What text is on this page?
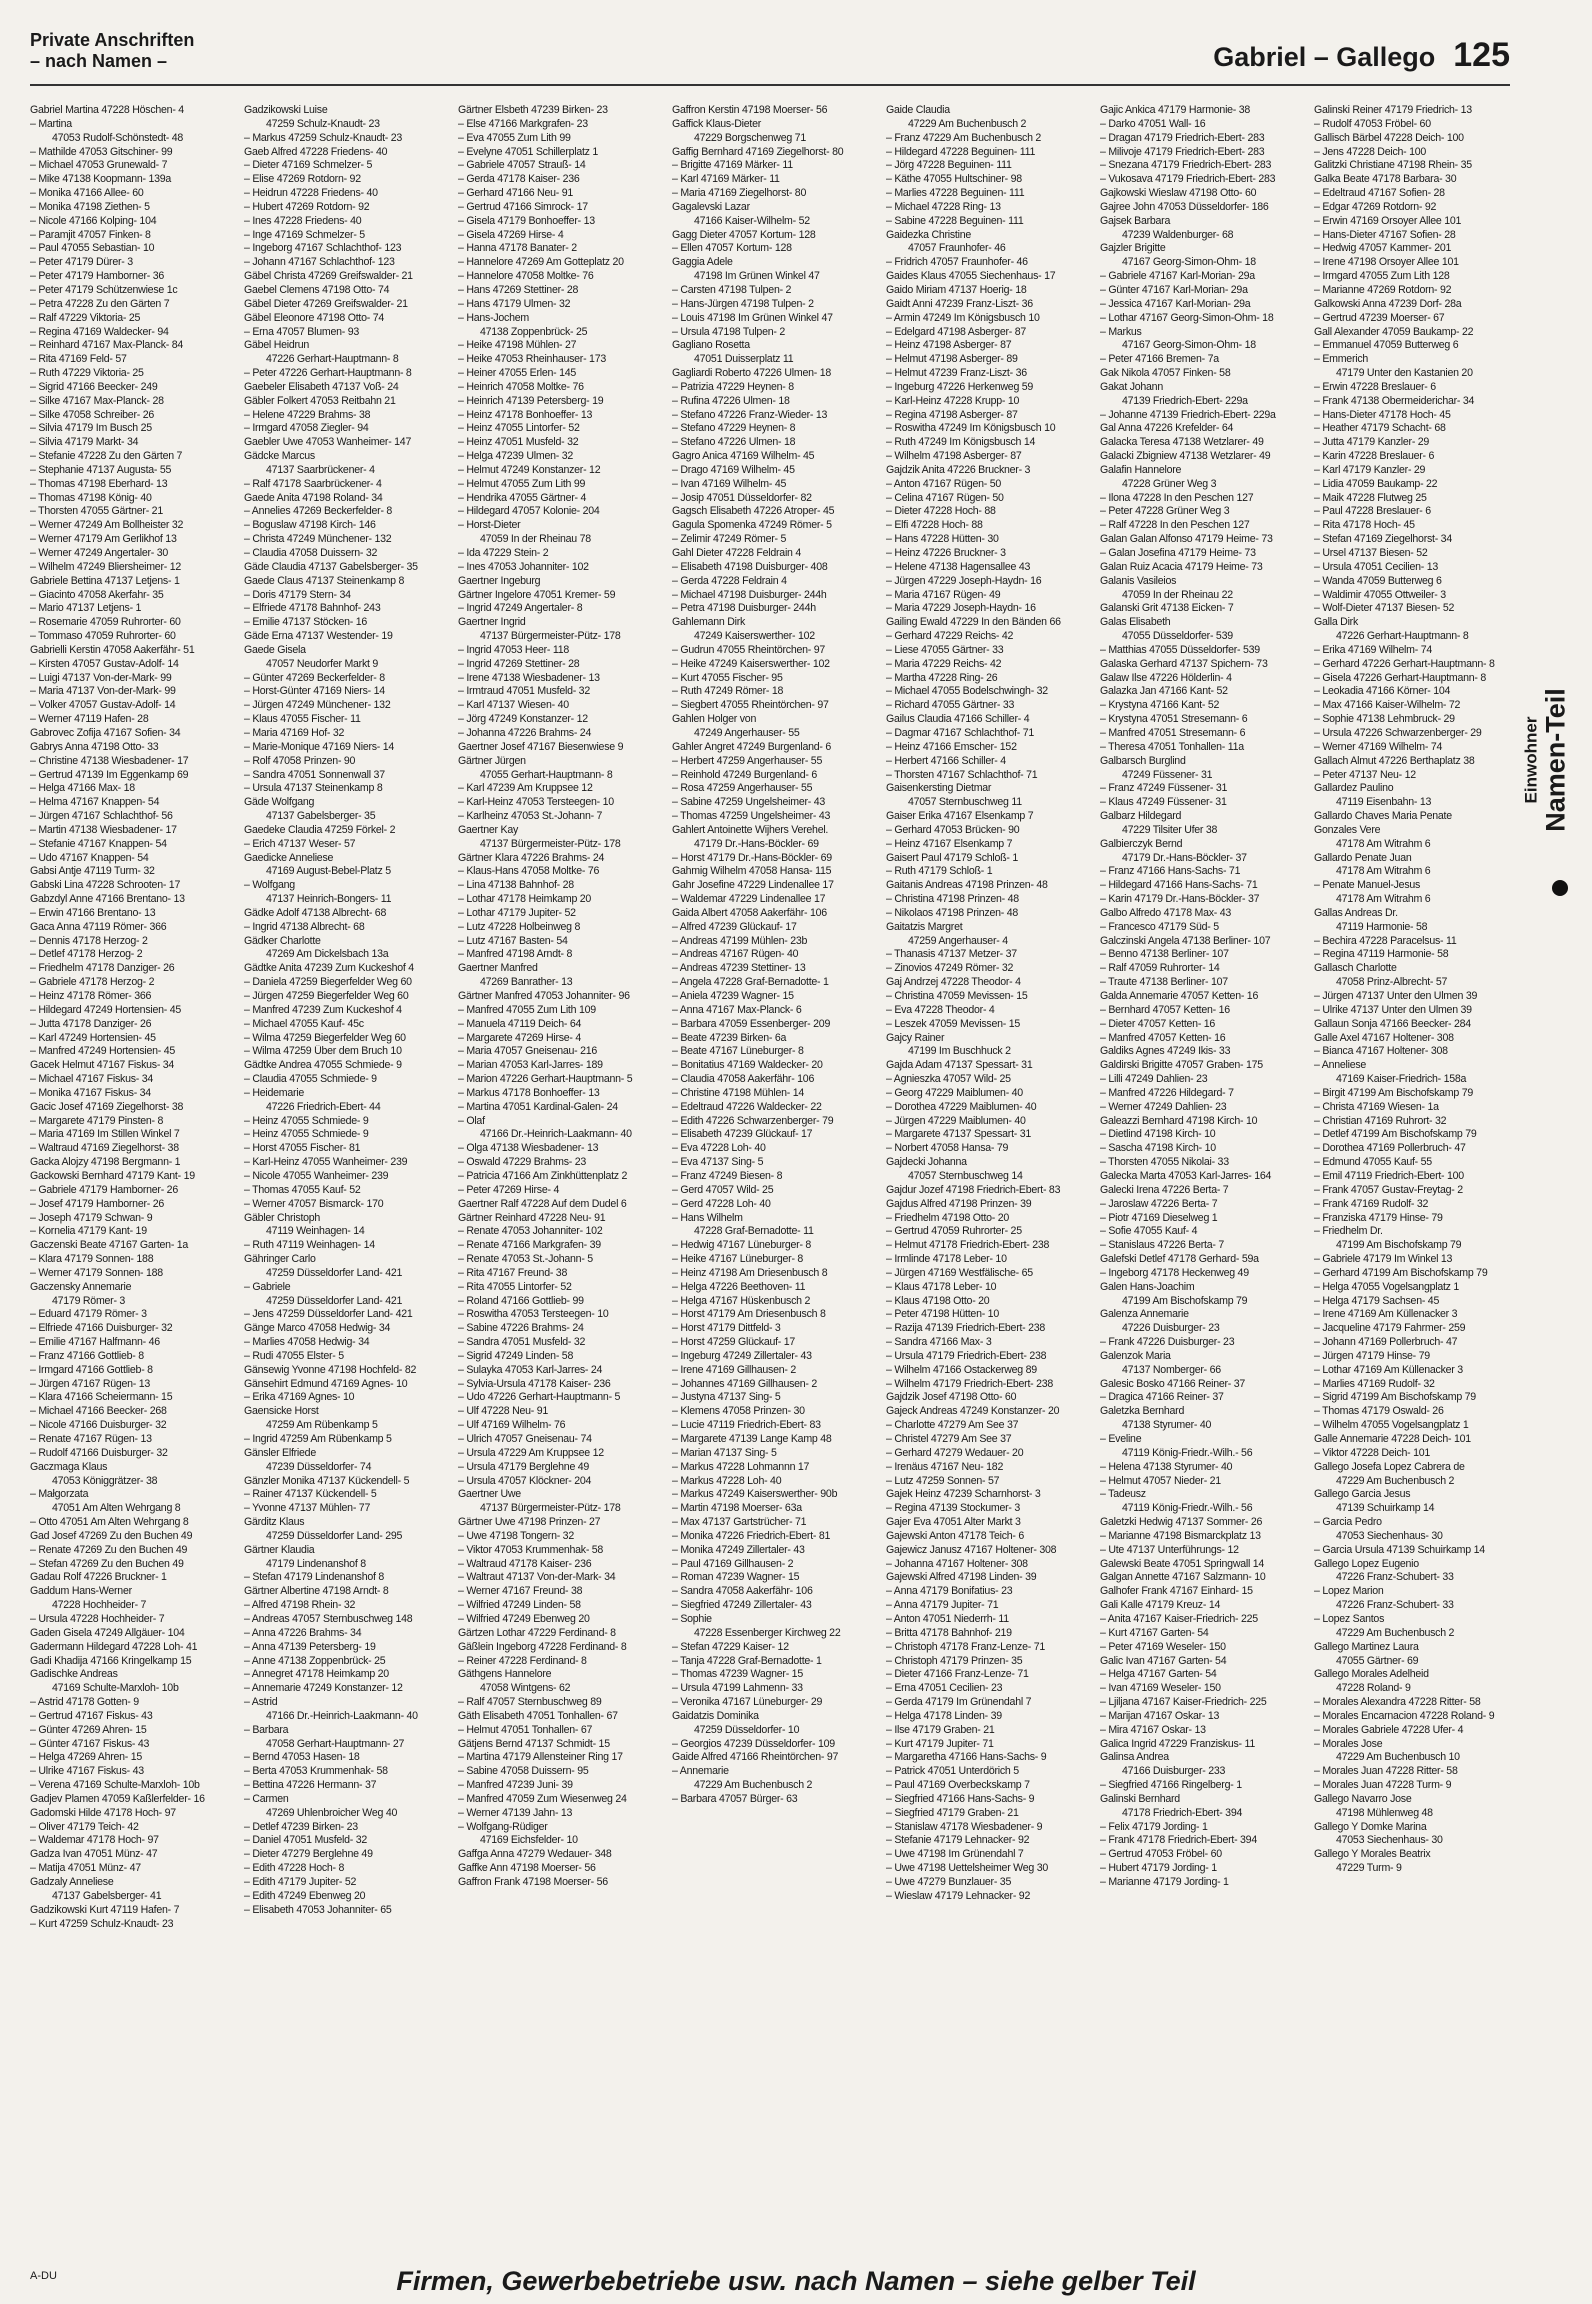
Private Anschriften
– nach Namen –	Gabriel – Gallego 125
Gabriel Martina 47228 Höschen- 4
– Martina
47053 Rudolf-Schönstedt- 48
– Mathilde 47053 Gitschiner- 99
– Michael 47053 Grunewald- 7
– Mike 47138 Koopmann- 139a
– Monika 47166 Allee- 60
– Monika 47198 Ziethen- 5
– Nicole 47166 Kolping- 104
– Paramjit 47057 Finken- 8
– Paul 47055 Sebastian- 10
– Peter 47179 Dürer- 3
– Peter 47179 Hamborner- 36
– Peter 47179 Schützenwiese 1c
– Petra 47228 Zu den Gärten 7
– Ralf 47229 Viktoria- 25
– Regina 47169 Waldecker- 94
– Reinhard 47167 Max-Planck- 84
– Rita 47169 Feld- 57
– Ruth 47229 Viktoria- 25
– Sigrid 47166 Beecker- 249
– Silke 47167 Max-Planck- 28
– Silke 47058 Schreiber- 26
– Silvia 47179 Im Busch 25
– Silvia 47179 Markt- 34
– Stefanie 47228 Zu den Gärten 7
– Stephanie 47137 Augusta- 55
– Thomas 47198 Eberhard- 13
– Thomas 47198 König- 40
– Thorsten 47055 Gärtner- 21
– Werner 47249 Am Bollheister 32
– Werner 47179 Am Gerlikhof 13
– Werner 47249 Angertaler- 30
– Wilhelm 47249 Bliersheimer- 12
Gabriele Bettina 47137 Letjens- 1
– Giacinto 47058 Akerfahr- 35
– Mario 47137 Letjens- 1
– Rosemarie 47059 Ruhrorter- 60
– Tommaso 47059 Ruhrorter- 60
Gabrielli Kerstin 47058 Aakerfähr- 51
– Kirsten 47057 Gustav-Adolf- 14
– Luigi 47137 Von-der-Mark- 99
– Maria 47137 Von-der-Mark- 99
– Volker 47057 Gustav-Adolf- 14
– Werner 47119 Hafen- 28
Gabrovec Zofija 47167 Sofien- 34
Gabrys Anna 47198 Otto- 33
– Christine 47138 Wiesbadener- 17
– Gertrud 47139 Im Eggenkamp 69
– Helga 47166 Max- 18
– Helma 47167 Knappen- 54
– Jürgen 47167 Schlachthof- 56
– Martin 47138 Wiesbadener- 17
– Stefanie 47167 Knappen- 54
– Udo 47167 Knappen- 54
Gabsi Antje 47119 Turm- 32
Gabski Lina 47228 Schrooten- 17
Gabzdyl Anne 47166 Brentano- 13
– Erwin 47166 Brentano- 13
Gaca Anna 47119 Römer- 366
– Dennis 47178 Herzog- 2
– Detlef 47178 Herzog- 2
– Friedhelm 47178 Danziger- 26
– Gabriele 47178 Herzog- 2
– Heinz 47178 Römer- 366
– Hildegard 47249 Hortensien- 45
– Jutta 47178 Danziger- 26
– Karl 47249 Hortensien- 45
– Manfred 47249 Hortensien- 45
Gacek Helmut 47167 Fiskus- 34
– Michael 47167 Fiskus- 34
– Monika 47167 Fiskus- 34
Gacic Josef 47169 Ziegelhorst- 38
– Margarete 47179 Pinsten- 8
– Maria 47169 Im Stillen Winkel 7
– Waltraud 47169 Ziegelhorst- 38
Gacka Alojzy 47198 Bergmann- 1
Gackowski Bernhard 47179 Kant- 19
– Gabriele 47179 Hamborner- 26
– Josef 47179 Hamborner- 26
– Joseph 47179 Schwan- 9
– Kornelia 47179 Kant- 19
Gaczenski Beate 47167 Garten- 1a
– Klara 47179 Sonnen- 188
– Werner 47179 Sonnen- 188
Gaczensky Annemarie
47179 Römer- 3
– Eduard 47179 Römer- 3
– Elfriede 47166 Duisburger- 32
– Emilie 47167 Halfmann- 46
– Franz 47166 Gottlieb- 8
– Irmgard 47166 Gottlieb- 8
– Jürgen 47167 Rügen- 13
– Klara 47166 Scheiermann- 15
– Michael 47166 Beecker- 268
– Nicole 47166 Duisburger- 32
– Renate 47167 Rügen- 13
– Rudolf 47166 Duisburger- 32
Gaczmaga Klaus
47053 Königgrätzer- 38
– Małgorzata
47051 Am Alten Wehrgang 8
– Otto 47051 Am Alten Wehrgang 8
Gad Josef 47269 Zu den Buchen 49
– Renate 47269 Zu den Buchen 49
– Stefan 47269 Zu den Buchen 49
Gadau Rolf 47226 Bruckner- 1
Gaddum Hans-Werner
47228 Hochheider- 7
– Ursula 47228 Hochheider- 7
Gaden Gisela 47249 Allgäuer- 104
Gadermann Hildegard 47228 Loh- 41
Gadi Khadija 47166 Kringelkamp 15
Gadischke Andreas
47169 Schulte-Marxloh- 10b
– Astrid 47178 Gotten- 9
– Gertrud 47167 Fiskus- 43
– Günter 47269 Ahren- 15
– Günter 47167 Fiskus- 43
– Helga 47269 Ahren- 15
– Ulrike 47167 Fiskus- 43
– Verena 47169 Schulte-Marxloh- 10b
Gadjev Plamen 47059 Kaßlerfelder- 16
Gadomski Hilde 47178 Hoch- 97
– Oliver 47179 Teich- 42
– Waldemar 47178 Hoch- 97
Gadza Ivan 47051 Münz- 47
– Matija 47051 Münz- 47
Gadzaly Anneliese
47137 Gabelsberger- 41
Gadzikowski Kurt 47119 Hafen- 7
– Kurt 47259 Schulz-Knaudt- 23
Gadzikowski Luise
47259 Schulz-Knaudt- 23
– Markus 47259 Schulz-Knaudt- 23
Gaeb Alfred 47228 Friedens- 40
– Dieter 47169 Schmelzer- 5
– Elise 47269 Rotdorn- 92
– Heidrun 47228 Friedens- 40
– Hubert 47269 Rotdorn- 92
– Ines 47228 Friedens- 40
– Inge 47169 Schmelzer- 5
– Ingeborg 47167 Schlachthof- 123
– Johann 47167 Schlachthof- 123
Gäbel Christa 47269 Greifswalder- 21
Gaebel Clemens 47198 Otto- 74
Gäbel Dieter 47269 Greifswalder- 21
Gäbel Eleonore 47198 Otto- 74
– Erna 47057 Blumen- 93
Gäbel Heidrun
47226 Gerhart-Hauptmann- 8
– Peter 47226 Gerhart-Hauptmann- 8
Gaebeler Elisabeth 47137 Voß- 24
Gäbler Folkert 47053 Reitbahn 21
– Helene 47229 Brahms- 38
– Irmgard 47058 Ziegler- 94
Gaebler Uwe 47053 Wanheimer- 147
Gädcke Marcus
47137 Saarbrückener- 4
– Ralf 47178 Saarbrückener- 4
Gaede Anita 47198 Roland- 34
– Annelies 47269 Beckerfelder- 8
– Boguslaw 47198 Kirch- 146
– Christa 47249 Münchener- 132
– Claudia 47058 Duissern- 32
Gäde Claudia 47137 Gabelsberger- 35
Gaede Claus 47137 Steinenkamp 8
– Doris 47179 Stern- 34
– Elfriede 47178 Bahnhof- 243
– Emilie 47137 Stöcken- 16
Gäde Erna 47137 Westender- 19
Gaede Gisela
47057 Neudorfer Markt 9
– Günter 47269 Beckerfelder- 8
– Horst-Günter 47169 Niers- 14
– Jürgen 47249 Münchener- 132
– Klaus 47055 Fischer- 11
– Maria 47169 Hof- 32
– Marie-Monique 47169 Niers- 14
– Rolf 47058 Prinzen- 90
– Sandra 47051 Sonnenwall 37
– Ursula 47137 Steinenkamp 8
Gäde Wolfgang
47137 Gabelsberger- 35
Gaedeke Claudia 47259 Förkel- 2
– Erich 47137 Weser- 57
Gaedicke Anneliese
47169 August-Bebel-Platz 5
– Wolfgang
47137 Heinrich-Bongers- 11
Gädke Adolf 47138 Albrecht- 68
– Ingrid 47138 Albrecht- 68
Gädker Charlotte
47269 Am Dickelsbach 13a
Gädtke Anita 47239 Zum Kuckeshof 4
– Daniela 47259 Biegerfelder Weg 60
– Jürgen 47259 Biegerfelder Weg 60
– Manfred 47239 Zum Kuckeshof 4
– Michael 47055 Kauf- 45c
– Wilma 47259 Biegerfelder Weg 60
– Wilma 47259 Über dem Bruch 10
Gädtke Andrea 47055 Schmiede- 9
– Claudia 47055 Schmiede- 9
– Heidemarie
47226 Friedrich-Ebert- 44
– Heinz 47055 Schmiede- 9
– Heinz 47055 Schmiede- 9
– Horst 47055 Fischer- 81
– Karl-Heinz 47055 Wanheimer- 239
– Nicole 47055 Wanheimer- 239
– Thomas 47055 Kauf- 52
– Werner 47057 Bismarck- 170
Gäbler Christoph
47119 Weinhagen- 14
– Ruth 47119 Weinhagen- 14
Gähringer Carlo
47259 Düsseldorfer Land- 421
– Gabriele
47259 Düsseldorfer Land- 421
– Jens 47259 Düsseldorfer Land- 421
Gänge Marco 47058 Hedwig- 34
– Marlies 47058 Hedwig- 34
– Rudi 47055 Elster- 5
Gänsewig Yvonne 47198 Hochfeld- 82
Gänsehirt Edmund 47169 Agnes- 10
– Erika 47169 Agnes- 10
Gaensicke Horst
47259 Am Rübenkamp 5
– Ingrid 47259 Am Rübenkamp 5
Gänsler Elfriede
47239 Düsseldorfer- 74
Gänzler Monika 47137 Kückendell- 5
– Rainer 47137 Kückendell- 5
– Yvonne 47137 Mühlen- 77
Gärditz Klaus
47259 Düsseldorfer Land- 295
Gärtner Klaudia
47179 Lindenanshof 8
– Stefan 47179 Lindenanshof 8
Gärtner Albertine 47198 Arndt- 8
– Alfred 47198 Rhein- 32
– Andreas 47057 Sternbuschweg 148
– Anna 47226 Brahms- 34
– Anna 47139 Petersberg- 19
– Anne 47138 Zoppenbrück- 25
– Annegret 47178 Heimkamp 20
– Annemarie 47249 Konstanzer- 12
– Astrid
47166 Dr.-Heinrich-Laakmann- 40
– Barbara
47058 Gerhart-Hauptmann- 27
– Bernd 47053 Hasen- 18
– Berta 47053 Krummenhak- 58
– Bettina 47226 Hermann- 37
– Carmen
47269 Uhlenbroicher Weg 40
– Detlef 47239 Birken- 23
– Daniel 47051 Musfeld- 32
– Dieter 47279 Berglehne 49
– Edith 47228 Hoch- 8
– Edith 47179 Jupiter- 52
– Edith 47249 Ebenweg 20
– Elisabeth 47053 Johanniter- 65
Gärtner Elsbeth 47239 Birken- 23
– Else 47166 Markgrafen- 23
– Eva 47055 Zum Lith 99
– Evelyne 47051 Schillerplatz 1
– Gabriele 47057 Strauß- 14
– Gerda 47178 Kaiser- 236
– Gerhard 47166 Neu- 91
– Gertrud 47166 Simrock- 17
– Gisela 47179 Bonhoeffer- 13
– Gisela 47269 Hirse- 4
– Hanna 47178 Banater- 2
– Hannelore 47269 Am Gotteplatz 20
– Hannelore 47058 Moltke- 76
– Hans 47269 Stettiner- 28
– Hans 47179 Ulmen- 32
– Hans-Jochem
47138 Zoppenbrück- 25
– Heike 47198 Mühlen- 27
– Heike 47053 Rheinhauser- 173
– Heiner 47055 Erlen- 145
– Heinrich 47058 Moltke- 76
– Heinrich 47139 Petersberg- 19
– Heinz 47178 Bonhoeffer- 13
– Heinz 47055 Lintorfer- 52
– Heinz 47051 Musfeld- 32
– Helga 47239 Ulmen- 32
– Helmut 47249 Konstanzer- 12
– Helmut 47055 Zum Lith 99
– Hendrika 47055 Gärtner- 4
– Hildegard 47057 Kolonie- 204
– Horst-Dieter
47059 In der Rheinau 78
– Ida 47229 Stein- 2
– Ines 47053 Johanniter- 102
Gaertner Ingeburg
Gärtner Ingelore 47051 Kremer- 59
– Ingrid 47249 Angertaler- 8
Gaertner Ingrid
47137 Bürgermeister-Pütz- 178
– Ingrid 47053 Heer- 118
– Ingrid 47269 Stettiner- 28
– Irene 47138 Wiesbadener- 13
– Irmtraud 47051 Musfeld- 32
– Karl 47137 Wiesen- 40
– Jörg 47249 Konstanzer- 12
– Johanna 47226 Brahms- 24
Gaertner Josef 47167 Biesenwiese 9
Gärtner Jürgen
47055 Gerhart-Hauptmann- 8
– Karl 47239 Am Kruppsee 12
– Karl-Heinz 47053 Tersteegen- 10
– Karlheinz 47053 St.-Johann- 7
Gaertner Kay
47137 Bürgermeister-Pütz- 178
Gärtner Klara 47226 Brahms- 24
– Klaus-Hans 47058 Moltke- 76
– Lina 47138 Bahnhof- 28
– Lothar 47178 Heimkamp 20
– Lothar 47179 Jupiter- 52
– Lutz 47228 Holbeinweg 8
– Lutz 47167 Basten- 54
– Manfred 47198 Arndt- 8
Gaertner Manfred
47269 Banrather- 13
Gärtner Manfred 47053 Johanniter- 96
– Manfred 47055 Zum Lith 109
– Manuela 47119 Deich- 64
– Margarete 47269 Hirse- 4
– Maria 47057 Gneisenau- 216
– Marian 47053 Karl-Jarres- 189
– Marion 47226 Gerhart-Hauptmann- 5
– Markus 47178 Bonhoeffer- 13
– Martina 47051 Kardinal-Galen- 24
– Olaf
47166 Dr.-Heinrich-Laakmann- 40
– Olga 47138 Wiesbadener- 13
– Oswald 47229 Brahms- 23
– Patricia 47166 Am Zinkhüttenplatz 2
– Peter 47269 Hirse- 4
Gaertner Ralf 47228 Auf dem Dudel 6
Gärtner Reinhard 47228 Neu- 91
– Renate 47053 Johanniter- 102
– Renate 47166 Markgrafen- 39
– Renate 47053 St.-Johann- 5
– Rita 47167 Freund- 38
– Rita 47055 Lintorfer- 52
– Roland 47166 Gottlieb- 99
– Roswitha 47053 Tersteegen- 10
– Sabine 47226 Brahms- 24
– Sandra 47051 Musfeld- 32
– Sigrid 47249 Linden- 58
– Sulayka 47053 Karl-Jarres- 24
– Sylvia-Ursula 47178 Kaiser- 236
– Udo 47226 Gerhart-Hauptmann- 5
– Ulf 47228 Neu- 91
– Ulf 47169 Wilhelm- 76
– Ulrich 47057 Gneisenau- 74
– Ursula 47229 Am Kruppsee 12
– Ursula 47179 Berglehne 49
– Ursula 47057 Klöckner- 204
Gaertner Uwe
47137 Bürgermeister-Pütz- 178
Gärtner Uwe 47198 Prinzen- 27
– Uwe 47198 Tongern- 32
– Viktor 47053 Krummenhak- 58
– Waltraud 47178 Kaiser- 236
– Waltraut 47137 Von-der-Mark- 34
– Werner 47167 Freund- 38
– Wilfried 47249 Linden- 58
– Wilfried 47249 Ebenweg 20
Gärtzen Lothar 47229 Ferdinand- 8
Gäßlein Ingeborg 47228 Ferdinand- 8
– Reiner 47228 Ferdinand- 8
Gäthgens Hannelore
47058 Wintgens- 62
– Ralf 47057 Sternbuschweg 89
Gäth Elisabeth 47051 Tonhallen- 67
– Helmut 47051 Tonhallen- 67
Gätjens Bernd 47137 Schmidt- 15
– Martina 47179 Allensteiner Ring 17
– Sabine 47058 Duissern- 95
– Manfred 47239 Juni- 39
– Manfred 47059 Zum Wiesenweg 24
– Werner 47139 Jahn- 13
– Wolfgang-Rüdiger
47169 Eichsfelder- 10
Gaffga Anna 47279 Wedauer- 348
Gaffke Ann 47198 Moerser- 56
Gaffron Frank 47198 Moerser- 56
Gaffron Kerstin 47198 Moerser- 56
Gaffick Klaus-Dieter
47229 Borgschenweg 71
Gaffig Bernhard 47169 Ziegelhorst- 80
– Brigitte 47169 Märker- 11
– Karl 47169 Märker- 11
– Maria 47169 Ziegelhorst- 80
Gagalevski Lazar
47166 Kaiser-Wilhelm- 52
Gagg Dieter 47057 Kortum- 128
– Ellen 47057 Kortum- 128
Gaggia Adele
47198 Im Grünen Winkel 47
– Carsten 47198 Tulpen- 2
– Hans-Jürgen 47198 Tulpen- 2
– Louis 47198 Im Grünen Winkel 47
– Ursula 47198 Tulpen- 2
Gagliano Rosetta
47051 Duisserplatz 11
Gagliardi Roberto 47226 Ulmen- 18
– Patrizia 47229 Heynen- 8
– Rufina 47226 Ulmen- 18
– Stefano 47226 Franz-Wieder- 13
– Stefano 47229 Heynen- 8
– Stefano 47226 Ulmen- 18
Gagro Anica 47169 Wilhelm- 45
– Drago 47169 Wilhelm- 45
– Ivan 47169 Wilhelm- 45
– Josip 47051 Düsseldorfer- 82
Gagsch Elisabeth 47226 Atroper- 45
Gagula Spomenka 47249 Römer- 5
– Zelimir 47249 Römer- 5
Gahl Dieter 47228 Feldrain 4
– Elisabeth 47198 Duisburger- 408
– Gerda 47228 Feldrain 4
– Michael 47198 Duisburger- 244h
– Petra 47198 Duisburger- 244h
Gahlemann Dirk
47249 Kaiserswerther- 102
– Gudrun 47055 Rheintörchen- 97
– Heike 47249 Kaiserswerther- 102
– Kurt 47055 Fischer- 95
– Ruth 47249 Römer- 18
– Siegbert 47055 Rheintörchen- 97
Gahlen Holger von
47249 Angerhauser- 55
Gahler Angret 47249 Burgenland- 6
– Herbert 47259 Angerhauser- 55
– Reinhold 47249 Burgenland- 6
– Rosa 47259 Angerhauser- 55
– Sabine 47259 Ungelsheimer- 43
– Thomas 47259 Ungelsheimer- 43
Gahlert Antoinette Wijhers Verehel.
47179 Dr.-Hans-Böckler- 69
– Horst 47179 Dr.-Hans-Böckler- 69
Gahmig Wilhelm 47058 Hansa- 115
Gahr Josefine 47229 Lindenallee 17
– Waldemar 47229 Lindenallee 17
Gaida Albert 47058 Aakerfähr- 106
– Alfred 47239 Glückauf- 17
– Andreas 47199 Mühlen- 23b
– Andreas 47167 Rügen- 40
– Andreas 47239 Stettiner- 13
– Angela 47228 Graf-Bernadotte- 1
– Aniela 47239 Wagner- 15
– Anna 47167 Max-Planck- 6
– Barbara 47059 Essenberger- 209
– Beate 47239 Birken- 6a
– Beate 47167 Lüneburger- 8
– Bonitatius 47169 Waldecker- 20
– Claudia 47058 Aakerfähr- 106
– Christine 47198 Mühlen- 14
– Edeltraud 47226 Waldecker- 22
– Edith 47226 Schwarzenberger- 79
– Elisabeth 47239 Glückauf- 17
– Eva 47228 Loh- 40
– Eva 47137 Sing- 5
– Franz 47249 Biesen- 8
– Gerd 47057 Wild- 25
– Gerd 47228 Loh- 40
– Hans Wilhelm
47228 Graf-Bernadotte- 11
– Hedwig 47167 Lüneburger- 8
– Heike 47167 Lüneburger- 8
– Heinz 47198 Am Driesenbusch 8
– Helga 47226 Beethoven- 11
– Helga 47167 Hüskenbusch 2
– Horst 47179 Am Driesenbusch 8
– Horst 47179 Dittfeld- 3
– Horst 47259 Glückauf- 17
– Ingeburg 47249 Zillertaler- 43
– Irene 47169 Gillhausen- 2
– Johannes 47169 Gillhausen- 2
– Justyna 47137 Sing- 5
– Klemens 47058 Prinzen- 30
– Lucie 47119 Friedrich-Ebert- 83
– Margarete 47139 Lange Kamp 48
– Marian 47137 Sing- 5
– Markus 47228 Lohmannn 17
– Markus 47228 Loh- 40
– Markus 47249 Kaiserswerther- 90b
– Martin 47198 Moerser- 63a
– Max 47137 Gartstrücher- 71
– Monika 47226 Friedrich-Ebert- 81
– Monika 47249 Zillertaler- 43
– Paul 47169 Gillhausen- 2
– Roman 47239 Wagner- 15
– Sandra 47058 Aakerfähr- 106
– Siegfried 47249 Zillertaler- 43
– Sophie
47228 Essenberger Kirchweg 22
– Stefan 47229 Kaiser- 12
– Tanja 47228 Graf-Bernadotte- 1
– Thomas 47239 Wagner- 15
– Ursula 47199 Lahmenn- 33
– Veronika 47167 Lüneburger- 29
Gaidatzis Dominika
47259 Düsseldorfer- 10
– Georgios 47239 Düsseldorfer- 109
Gaide Alfred 47166 Rheintörchen- 97
– Annemarie
47229 Am Buchenbusch 2
– Barbara 47057 Bürger- 63
Gaide Claudia
47229 Am Buchenbusch 2
– Franz 47229 Am Buchenbusch 2
– Hildegard 47228 Beguinen- 111
– Jörg 47228 Beguinen- 111
– Käthe 47055 Hultschiner- 98
– Marlies 47228 Beguinen- 111
– Michael 47228 Ring- 13
– Sabine 47228 Beguinen- 111
Gaidezka Christine
47057 Fraunhofer- 46
– Fridrich 47057 Fraunhofer- 46
Gaides Klaus 47055 Siechenhaus- 17
Gaido Miriam 47137 Hoerig- 18
Gaidt Anni 47239 Franz-Liszt- 36
– Armin 47249 Im Königsbusch 10
– Edelgard 47198 Asberger- 87
– Heinz 47198 Asberger- 87
– Helmut 47198 Asberger- 89
– Helmut 47239 Franz-Liszt- 36
– Ingeburg 47226 Herkenweg 59
– Karl-Heinz 47228 Krupp- 10
– Regina 47198 Asberger- 87
– Roswitha 47249 Im Königsbusch 10
– Ruth 47249 Im Königsbusch 14
– Wilhelm 47198 Asberger- 87
Gajdzik Anita 47226 Bruckner- 3
– Anton 47167 Rügen- 50
– Celina 47167 Rügen- 50
– Dieter 47228 Hoch- 88
– Elfi 47228 Hoch- 88
– Hans 47228 Hütten- 30
– Heinz 47226 Bruckner- 3
– Helene 47138 Hagensallee 43
– Jürgen 47229 Joseph-Haydn- 16
– Maria 47167 Rügen- 49
– Maria 47229 Joseph-Haydn- 16
Gailing Ewald 47229 In den Bänden 66
– Gerhard 47229 Reichs- 42
– Liese 47055 Gärtner- 33
– Maria 47229 Reichs- 42
– Martha 47228 Ring- 26
– Michael 47055 Bodelschwingh- 32
– Richard 47055 Gärtner- 33
Gailus Claudia 47166 Schiller- 4
– Dagmar 47167 Schlachthof- 71
– Heinz 47166 Emscher- 152
– Herbert 47166 Schiller- 4
– Thorsten 47167 Schlachthof- 71
Gaisenkersting Dietmar
47057 Sternbuschweg 11
Gaiser Erika 47167 Elsenkamp 7
– Gerhard 47053 Brücken- 90
– Heinz 47167 Elsenkamp 7
Gaisert Paul 47179 Schloß- 1
– Ruth 47179 Schloß- 1
Gaitanis Andreas 47198 Prinzen- 48
– Christina 47198 Prinzen- 48
– Nikolaos 47198 Prinzen- 48
Gaitatzis Margret
47259 Angerhauser- 4
– Thanasis 47137 Metzer- 37
– Zinovios 47249 Römer- 32
Gaj Andrzej 47228 Theodor- 4
– Christina 47059 Mevissen- 15
– Eva 47228 Theodor- 4
– Leszek 47059 Mevissen- 15
Gajcy Rainer
47199 Im Buschhuck 2
Gajda Adam 47137 Spessart- 31
– Agnieszka 47057 Wild- 25
– Georg 47229 Maiblumen- 40
– Dorothea 47229 Maiblumen- 40
– Jürgen 47229 Maiblumen- 40
– Margarete 47137 Spessart- 31
– Norbert 47058 Hansa- 79
Gajdecki Johanna
47057 Sternbuschweg 14
Gajdur Jozef 47198 Friedrich-Ebert- 83
Gajdus Alfred 47198 Prinzen- 39
– Friedhelm 47198 Otto- 20
– Gertrud 47059 Ruhrorter- 25
– Helmut 47178 Friedrich-Ebert- 238
– Irmlinde 47178 Leber- 10
– Jürgen 47169 Westfälische- 65
– Klaus 47178 Leber- 10
– Klaus 47198 Otto- 20
– Peter 47198 Hütten- 10
– Razija 47139 Friedrich-Ebert- 238
– Sandra 47166 Max- 3
– Ursula 47179 Friedrich-Ebert- 238
– Wilhelm 47166 Ostackerweg 89
– Wilhelm 47179 Friedrich-Ebert- 238
Gajdzik Josef 47198 Otto- 60
Gajeck Andreas 47249 Konstanzer- 20
– Charlotte 47279 Am See 37
– Christel 47279 Am See 37
– Gerhard 47279 Wedauer- 20
– Irenäus 47167 Neu- 182
– Lutz 47259 Sonnen- 57
Gajek Heinz 47239 Scharnhorst- 3
– Regina 47139 Stockumer- 3
Gajer Eva 47051 Alter Markt 3
Gajewski Anton 47178 Teich- 6
Gajewicz Janusz 47167 Holtener- 308
– Johanna 47167 Holtener- 308
Gajewski Alfred 47198 Linden- 39
– Anna 47179 Bonifatius- 23
– Anna 47179 Jupiter- 71
– Anton 47051 Niederrh- 11
– Britta 47178 Bahnhof- 219
– Christoph 47178 Franz-Lenze- 71
– Christoph 47179 Prinzen- 35
– Dieter 47166 Franz-Lenze- 71
– Erna 47051 Cecilien- 23
– Gerda 47179 Im Grünendahl 7
– Helga 47178 Linden- 39
– Ilse 47179 Graben- 21
– Kurt 47179 Jupiter- 71
– Margaretha 47166 Hans-Sachs- 9
– Patrick 47051 Unterdörich 5
– Paul 47169 Overbeckskamp 7
– Siegfried 47166 Hans-Sachs- 9
– Siegfried 47179 Graben- 21
– Stanislaw 47178 Wiesbadener- 9
– Stefanie 47179 Lehnacker- 92
– Uwe 47198 Im Grünendahl 7
– Uwe 47198 Uettelsheimer Weg 30
– Uwe 47279 Bunzlauer- 35
– Wieslaw 47179 Lehnacker- 92
Gajic Ankica 47179 Harmonie- 38
– Darko 47051 Wall- 16
– Dragan 47179 Friedrich-Ebert- 283
– Milivoje 47179 Friedrich-Ebert- 283
– Snezana 47179 Friedrich-Ebert- 283
– Vukosava 47179 Friedrich-Ebert- 283
Gajkowski Wieslaw 47198 Otto- 60
Gajree John 47053 Düsseldorfer- 186
Gajsek Barbara
47239 Waldenburger- 68
Gajzler Brigitte
47167 Georg-Simon-Ohm- 18
– Gabriele 47167 Karl-Morian- 29a
– Günter 47167 Karl-Morian- 29a
– Jessica 47167 Karl-Morian- 29a
– Lothar 47167 Georg-Simon-Ohm- 18
– Markus
47167 Georg-Simon-Ohm- 18
– Peter 47166 Bremen- 7a
Gak Nikola 47057 Finken- 58
Gakat Johann
47139 Friedrich-Ebert- 229a
– Johanne 47139 Friedrich-Ebert- 229a
Gal Anna 47226 Krefelder- 64
Galacka Teresa 47138 Wetzlarer- 49
Galacki Zbigniew 47138 Wetzlarer- 49
Galafin Hannelore
47228 Grüner Weg 3
– Ilona 47228 In den Peschen 127
– Peter 47228 Grüner Weg 3
– Ralf 47228 In den Peschen 127
Galan Galan Alfonso 47179 Heime- 73
– Galan Josefina 47179 Heime- 73
Galan Ruiz Acacia 47179 Heime- 73
Galanis Vasileios
47059 In der Rheinau 22
Galanski Grit 47138 Eicken- 7
Galas Elisabeth
47055 Düsseldorfer- 539
– Matthias 47055 Düsseldorfer- 539
Galaska Gerhard 47137 Spichern- 73
Galaw Ilse 47226 Hölderlin- 4
Galazka Jan 47166 Kant- 52
– Krystyna 47166 Kant- 52
– Krystyna 47051 Stresemann- 6
– Manfred 47051 Stresemann- 6
– Theresa 47051 Tonhallen- 11a
Galbarsch Burglind
47249 Füssener- 31
– Franz 47249 Füssener- 31
– Klaus 47249 Füssener- 31
Galbarz Hildegard
47229 Tilsiter Ufer 38
Galbierczyk Bernd
47179 Dr.-Hans-Böckler- 37
– Franz 47166 Hans-Sachs- 71
– Hildegard 47166 Hans-Sachs- 71
– Karin 47179 Dr.-Hans-Böckler- 37
Galbo Alfredo 47178 Max- 43
– Francesco 47179 Süd- 5
Galczinski Angela 47138 Berliner- 107
– Benno 47138 Berliner- 107
– Ralf 47059 Ruhrorter- 14
– Traute 47138 Berliner- 107
Galda Annemarie 47057 Ketten- 16
– Bernhard 47057 Ketten- 16
– Dieter 47057 Ketten- 16
– Manfred 47057 Ketten- 16
Galdiks Agnes 47249 Ikis- 33
Galdirski Brigitte 47057 Graben- 175
– Lilli 47249 Dahlien- 23
– Manfred 47226 Hildegard- 7
– Werner 47249 Dahlien- 23
Galeazzi Bernhard 47198 Kirch- 10
– Dietlind 47198 Kirch- 10
– Sascha 47198 Kirch- 10
– Thorsten 47055 Nikolai- 33
Galecka Marta 47053 Karl-Jarres- 164
Galecki Irena 47226 Berta- 7
– Jaroslaw 47226 Berta- 7
– Piotr 47169 Dieselweg 1
– Sofie 47055 Kauf- 4
– Stanislaus 47226 Berta- 7
Galefski Detlef 47178 Gerhard- 59a
– Ingeborg 47178 Heckenweg 49
Galen Hans-Joachim
47199 Am Bischofskamp 79
Galenza Annemarie
47226 Duisburger- 23
– Frank 47226 Duisburger- 23
Galenzok Maria
47137 Nomberger- 66
Galesic Bosko 47166 Reiner- 37
– Dragica 47166 Reiner- 37
Galetzka Bernhard
47138 Styrumer- 40
– Eveline
47119 König-Friedr.-Wilh.- 56
– Helena 47138 Styrumer- 40
– Helmut 47057 Nieder- 21
– Tadeusz
47119 König-Friedr.-Wilh.- 56
Galetzki Hedwig 47137 Sommer- 26
– Marianne 47198 Bismarckplatz 13
– Ute 47137 Unterführungs- 12
Galewski Beate 47051 Springwall 14
Galgan Annette 47167 Salzmann- 10
Galhofer Frank 47167 Einhard- 15
Gali Kalle 47179 Kreuz- 14
– Anita 47167 Kaiser-Friedrich- 225
– Kurt 47167 Garten- 54
– Peter 47169 Weseler- 150
Galic Ivan 47167 Garten- 54
– Helga 47167 Garten- 54
– Ivan 47169 Weseler- 150
– Ljiljana 47167 Kaiser-Friedrich- 225
– Marijan 47167 Oskar- 13
– Mira 47167 Oskar- 13
Galica Ingrid 47229 Franziskus- 11
Galinsa Andrea
47166 Duisburger- 233
– Siegfried 47166 Ringelberg- 1
Galinski Bernhard
47178 Friedrich-Ebert- 394
– Felix 47179 Jording- 1
– Frank 47178 Friedrich-Ebert- 394
– Gertrud 47053 Fröbel- 60
– Hubert 47179 Jording- 1
– Marianne 47179 Jording- 1
Galinski Reiner 47179 Friedrich- 13
– Rudolf 47053 Fröbel- 60
Gallisch Bärbel 47228 Deich- 100
– Jens 47228 Deich- 100
Galitzki Christiane 47198 Rhein- 35
Galka Beate 47178 Barbara- 30
– Edeltraud 47167 Sofien- 28
– Edgar 47269 Rotdorn- 92
– Erwin 47169 Orsoyer Allee 101
– Hans-Dieter 47167 Sofien- 28
– Hedwig 47057 Kammer- 201
– Irene 47198 Orsoyer Allee 101
– Irmgard 47055 Zum Lith 128
– Marianne 47269 Rotdorn- 92
Galkowski Anna 47239 Dorf- 28a
– Gertrud 47239 Moerser- 67
Gall Alexander 47059 Baukamp- 22
– Emmanuel 47059 Butterweg 6
– Emmerich
47179 Unter den Kastanien 20
– Erwin 47228 Breslauer- 6
– Frank 47138 Obermeiderichar- 34
– Hans-Dieter 47178 Hoch- 45
– Heather 47179 Schacht- 68
– Jutta 47179 Kanzler- 29
– Karin 47228 Breslauer- 6
– Karl 47179 Kanzler- 29
– Lidia 47059 Baukamp- 22
– Maik 47228 Flutweg 25
– Paul 47228 Breslauer- 6
– Rita 47178 Hoch- 45
– Stefan 47169 Ziegelhorst- 34
– Ursel 47137 Biesen- 52
– Ursula 47051 Cecilien- 13
– Wanda 47059 Butterweg 6
– Waldimir 47055 Ottweiler- 3
– Wolf-Dieter 47137 Biesen- 52
Galla Dirk
47226 Gerhart-Hauptmann- 8
– Erika 47169 Wilhelm- 74
– Gerhard 47226 Gerhart-Hauptmann- 8
– Gisela 47226 Gerhart-Hauptmann- 8
– Leokadia 47166 Körner- 104
– Max 47166 Kaiser-Wilhelm- 72
– Sophie 47138 Lehmbruck- 29
– Ursula 47226 Schwarzenberger- 29
– Werner 47169 Wilhelm- 74
Gallach Almut 47226 Berthaplatz 38
– Peter 47137 Neu- 12
Gallardez Paulino
47119 Eisenbahn- 13
Gallardo Chaves Maria Penate
Gonzales Vere
47178 Am Witrahm 6
Gallardo Penate Juan
47178 Am Witrahm 6
– Penate Manuel-Jesus
47178 Am Witrahm 6
Gallas Andreas Dr.
47119 Harmonie- 58
– Bechira 47228 Paracelsus- 11
– Regina 47119 Harmonie- 58
Gallasch Charlotte
47058 Prinz-Albrecht- 57
– Jürgen 47137 Unter den Ulmen 39
– Ulrike 47137 Unter den Ulmen 39
Gallaun Sonja 47166 Beecker- 284
Galle Axel 47167 Holtener- 308
– Bianca 47167 Holtener- 308
– Anneliese
47169 Kaiser-Friedrich- 158a
– Birgit 47199 Am Bischofskamp 79
– Christa 47169 Wiesen- 1a
– Christian 47169 Ruhrort- 32
– Detlef 47199 Am Bischofskamp 79
– Dorothea 47169 Pollerbruch- 47
– Edmund 47055 Kauf- 55
– Emil 47119 Friedrich-Ebert- 100
– Frank 47057 Gustav-Freytag- 2
– Frank 47169 Rudolf- 32
– Franziska 47179 Hinse- 79
– Friedhelm Dr.
47199 Am Bischofskamp 79
– Gabriele 47179 Im Winkel 13
– Gerhard 47199 Am Bischofskamp 79
– Helga 47055 Vogelsangplatz 1
– Helga 47179 Sachsen- 45
– Irene 47169 Am Küllenacker 3
– Jacqueline 47179 Fahrmer- 259
– Johann 47169 Pollerbruch- 47
– Jürgen 47179 Hinse- 79
– Lothar 47169 Am Küllenacker 3
– Marlies 47169 Rudolf- 32
– Sigrid 47199 Am Bischofskamp 79
– Thomas 47179 Oswald- 26
– Wilhelm 47055 Vogelsangplatz 1
Galle Annemarie 47228 Deich- 101
– Viktor 47228 Deich- 101
Gallego Josefa Lopez Cabrera de
47229 Am Buchenbusch 2
Gallego Garcia Jesus
47139 Schuirkamp 14
– Garcia Pedro
47053 Siechenhaus- 30
– Garcia Ursula 47139 Schuirkamp 14
Gallego Lopez Eugenio
47226 Franz-Schubert- 33
– Lopez Marion
47226 Franz-Schubert- 33
– Lopez Santos
47229 Am Buchenbusch 2
Gallego Martinez Laura
47055 Gärtner- 69
Gallego Morales Adelheid
47228 Roland- 9
– Morales Alexandra 47228 Ritter- 58
– Morales Encarnacion 47228 Roland- 9
– Morales Gabriele 47228 Ufer- 4
– Morales Jose
47229 Am Buchenbusch 10
– Morales Juan 47228 Ritter- 58
– Morales Juan 47228 Turm- 9
Gallego Navarro Jose
47198 Mühlenweg 48
Gallego Y Domke Marina
47053 Siechenhaus- 30
Gallego Y Morales Beatrix
47229 Turm- 9
Einwohner Namen-Teil
Firmen, Gewerbebetriebe usw. nach Namen – siehe gelber Teil
A-DU
